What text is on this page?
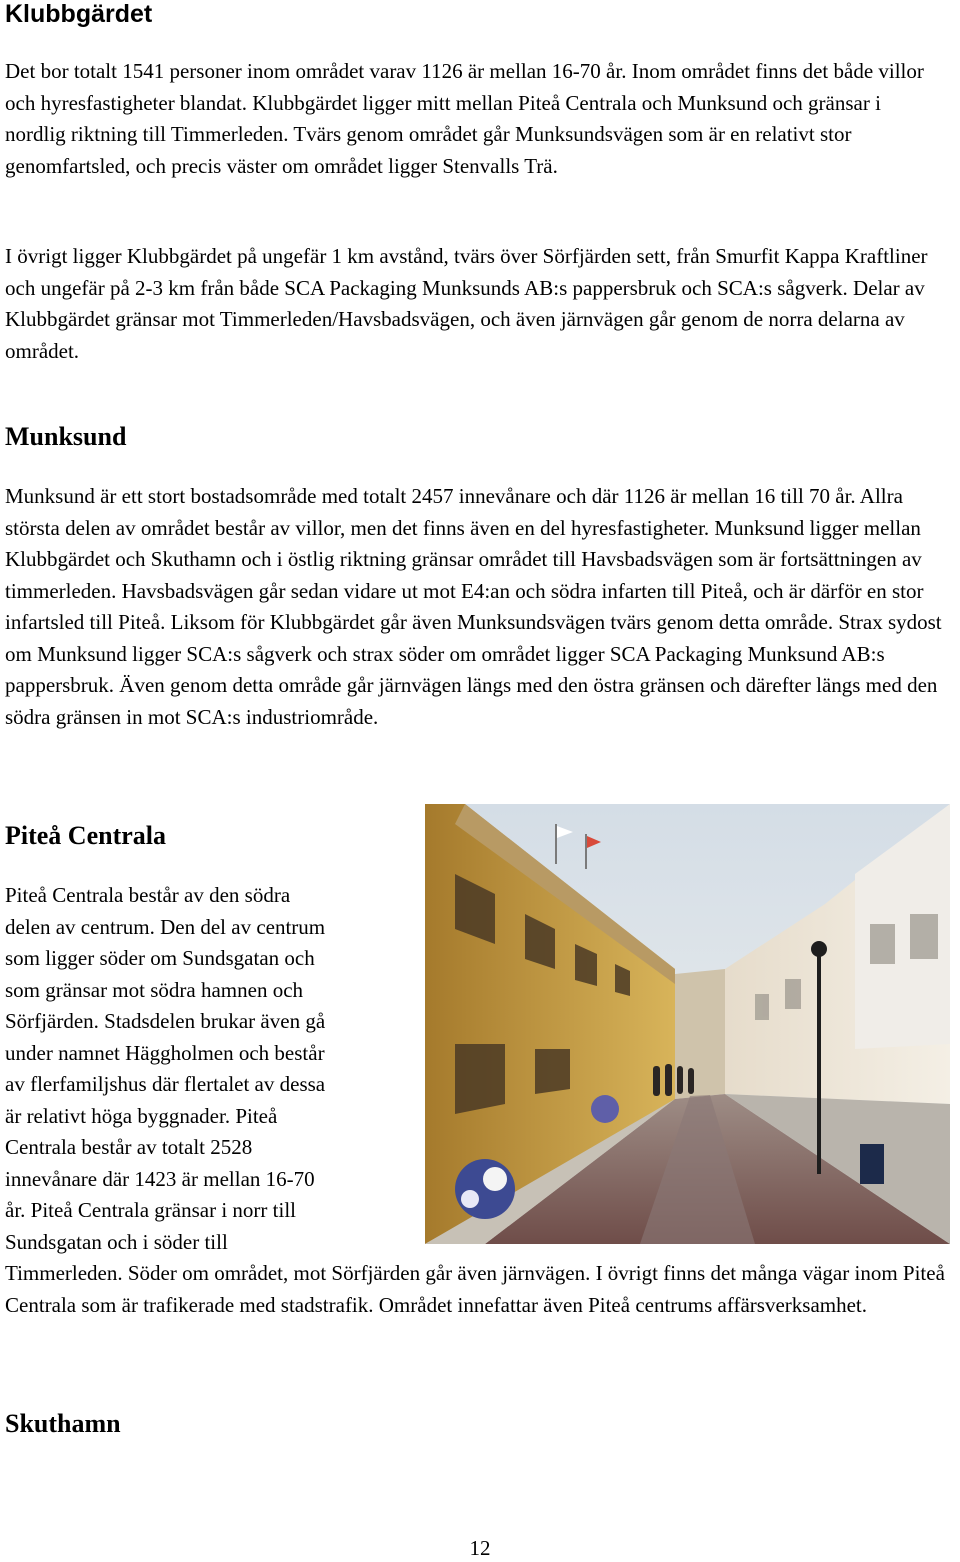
Klubbgärdet

Det bor totalt 1541 personer inom området varav 1126 är mellan 16-70 år. Inom området finns det både villor och hyresfastigheter blandat. Klubbgärdet ligger mitt mellan Piteå Centrala och Munksund och gränsar i nordlig riktning till Timmerleden. Tvärs genom området går Munksundsvägen som är en relativt stor genomfartsled, och precis väster om området ligger Stenvalls Trä.

I övrigt ligger Klubbgärdet på ungefär 1 km avstånd, tvärs över Sörfjärden sett, från Smurfit Kappa Kraftliner och ungefär på 2-3 km från både SCA Packaging Munksunds AB:s pappersbruk och SCA:s sågverk. Delar av Klubbgärdet gränsar mot Timmerleden/Havsbadsvägen, och även järnvägen går genom de norra delarna av området.

Munksund

Munksund är ett stort bostadsområde med totalt 2457 innevånare och där 1126 är mellan 16 till 70 år. Allra största delen av området består av villor, men det finns även en del hyresfastigheter. Munksund ligger mellan Klubbgärdet och Skuthamn och i östlig riktning gränsar området till Havsbadsvägen som är fortsättningen av timmerleden. Havsbadsvägen går sedan vidare ut mot E4:an och södra infarten till Piteå, och är därför en stor infartsled till Piteå. Liksom för Klubbgärdet går även Munksundsvägen tvärs genom detta område. Strax sydost om Munksund ligger SCA:s sågverk och strax söder om området ligger SCA Packaging Munksund AB:s pappersbruk. Även genom detta område går järnvägen längs med den östra gränsen och därefter längs med den södra gränsen in mot SCA:s industriområde.

Piteå Centrala

Piteå Centrala består av den södra

delen av centrum. Den del av centrum

som ligger söder om Sundsgatan och

som gränsar mot södra hamnen och

Sörfjärden. Stadsdelen brukar även gå

under namnet Häggholmen och består

av flerfamiljshus där flertalet av dessa

är relativt höga byggnader. Piteå

Centrala består av totalt 2528

innevånare där 1423 är mellan 16-70

år. Piteå Centrala gränsar i norr till

Sundsgatan och i söder till

Timmerleden. Söder om området, mot Sörfjärden går även järnvägen. I övrigt finns det många vägar inom Piteå Centrala som är trafikerade med stadstrafik. Området innefattar även Piteå centrums affärsverksamhet.

Skuthamn
12
